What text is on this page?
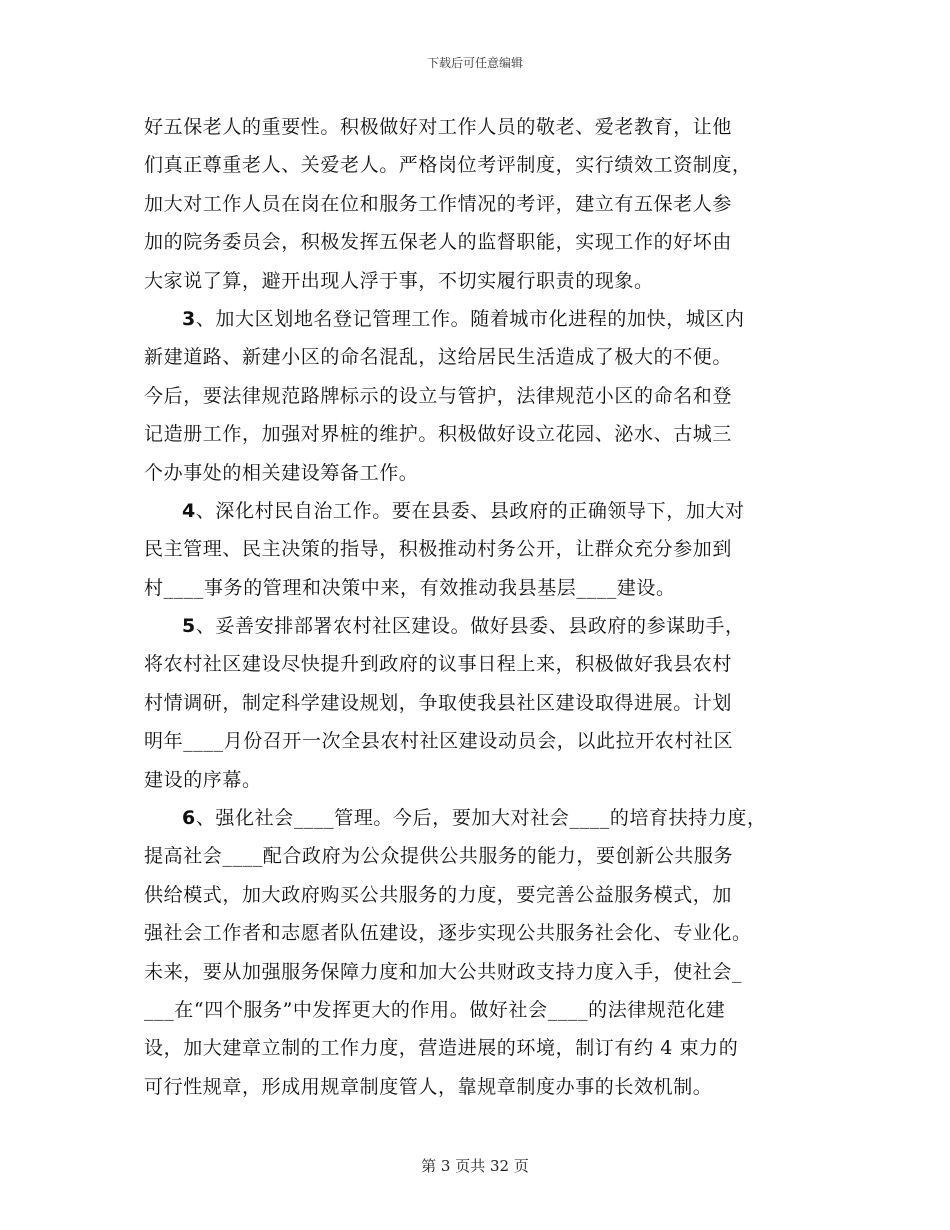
下载后可任意编辑
好五保老人的重要性。积极做好对工作人员的敬老、爱老教育，让他
们真正尊重老人、关爱老人。严格岗位考评制度，实行绩效工资制度，
加大对工作人员在岗在位和服务工作情况的考评，建立有五保老人参
加的院务委员会，积极发挥五保老人的监督职能，实现工作的好坏由
大家说了算，避开出现人浮于事，不切实履行职责的现象。
3、加大区划地名登记管理工作。随着城市化进程的加快，城区内
新建道路、新建小区的命名混乱，这给居民生活造成了极大的不便。
今后，要法律规范路牌标示的设立与管护，法律规范小区的命名和登
记造册工作，加强对界桩的维护。积极做好设立花园、泌水、古城三
个办事处的相关建设筹备工作。
4、深化村民自治工作。要在县委、县政府的正确领导下，加大对
民主管理、民主决策的指导，积极推动村务公开，让群众充分参加到
村____事务的管理和决策中来，有效推动我县基层____建设。
5、妥善安排部署农村社区建设。做好县委、县政府的参谋助手，
将农村社区建设尽快提升到政府的议事日程上来，积极做好我县农村
村情调研，制定科学建设规划，争取使我县社区建设取得进展。计划
明年____月份召开一次全县农村社区建设动员会，以此拉开农村社区
建设的序幕。
6、强化社会____管理。今后，要加大对社会____的培育扶持力度，
提高社会____配合政府为公众提供公共服务的能力，要创新公共服务
供给模式，加大政府购买公共服务的力度，要完善公益服务模式，加
强社会工作者和志愿者队伍建设，逐步实现公共服务社会化、专业化。
未来，要从加强服务保障力度和加大公共财政支持力度入手，使社会_
___在“四个服务”中发挥更大的作用。做好社会____的法律规范化建
设，加大建章立制的工作力度，营造进展的环境，制订有约 4 束力的
可行性规章，形成用规章制度管人，靠规章制度办事的长效机制。
第 3 页共 32 页
